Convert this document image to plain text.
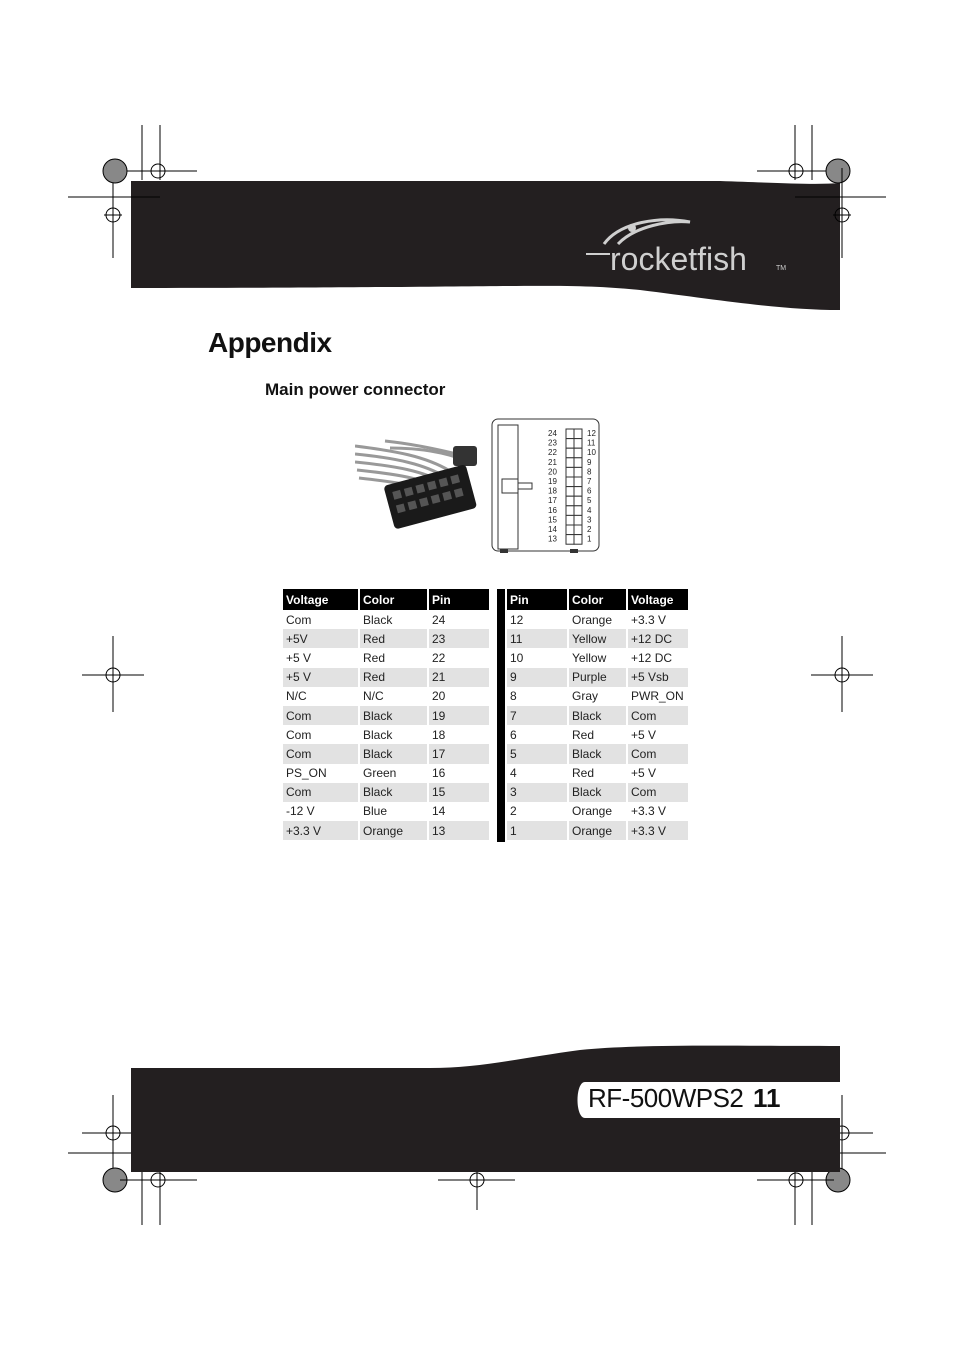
rocketfish	TM
Appendix
Main power connector
24
23
22
21
20
19
18
17
16
15
14
13
12
11
10
9
8
7
6
5
4
3
2
1
Voltage	Color	Pin
Com	Black	24
+5V	Red	23
+5 V	Red	22
+5 V	Red	21
N/C	N/C	20
Com	Black	19
Com	Black	18
Com	Black	17
PS_ON	Green	16
Com	Black	15
-12 V	Blue	14
+3.3 V	Orange	13
Pin	Color	Voltage
12	Orange	+3.3 V
11	Yellow	+12 DC
10	Yellow	+12 DC
9	Purple	+5 Vsb
8	Gray	PWR_ON
7	Black	Com
6	Red	+5 V
5	Black	Com
4	Red	+5 V
3	Black	Com
2	Orange	+3.3 V
1	Orange	+3.3 V
RF-500WPS2 11
